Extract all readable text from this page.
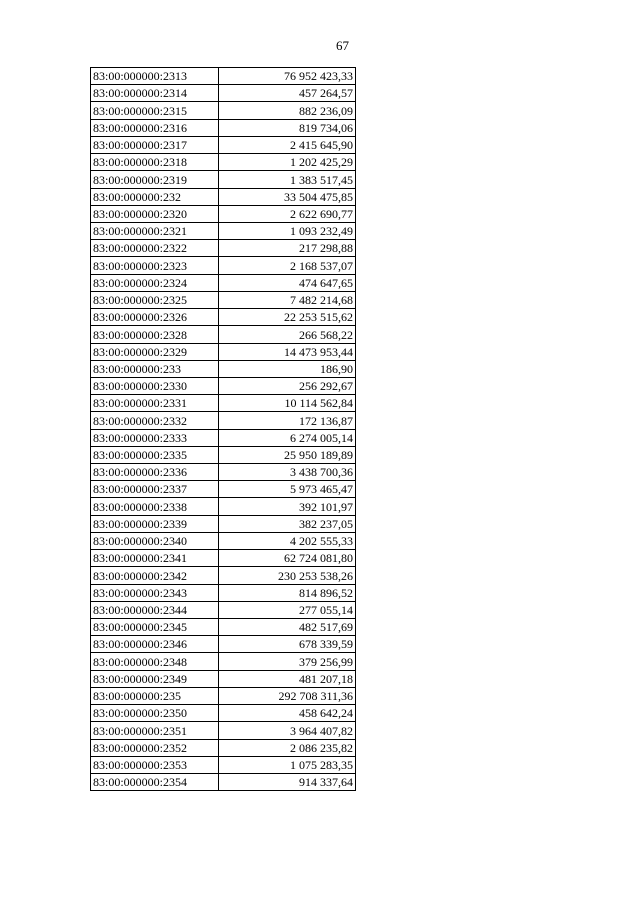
67
83:00:000000:2313	76 952 423,33
83:00:000000:2314	457 264,57
83:00:000000:2315	882 236,09
83:00:000000:2316	819 734,06
83:00:000000:2317	2 415 645,90
83:00:000000:2318	1 202 425,29
83:00:000000:2319	1 383 517,45
83:00:000000:232	33 504 475,85
83:00:000000:2320	2 622 690,77
83:00:000000:2321	1 093 232,49
83:00:000000:2322	217 298,88
83:00:000000:2323	2 168 537,07
83:00:000000:2324	474 647,65
83:00:000000:2325	7 482 214,68
83:00:000000:2326	22 253 515,62
83:00:000000:2328	266 568,22
83:00:000000:2329	14 473 953,44
83:00:000000:233	186,90
83:00:000000:2330	256 292,67
83:00:000000:2331	10 114 562,84
83:00:000000:2332	172 136,87
83:00:000000:2333	6 274 005,14
83:00:000000:2335	25 950 189,89
83:00:000000:2336	3 438 700,36
83:00:000000:2337	5 973 465,47
83:00:000000:2338	392 101,97
83:00:000000:2339	382 237,05
83:00:000000:2340	4 202 555,33
83:00:000000:2341	62 724 081,80
83:00:000000:2342	230 253 538,26
83:00:000000:2343	814 896,52
83:00:000000:2344	277 055,14
83:00:000000:2345	482 517,69
83:00:000000:2346	678 339,59
83:00:000000:2348	379 256,99
83:00:000000:2349	481 207,18
83:00:000000:235	292 708 311,36
83:00:000000:2350	458 642,24
83:00:000000:2351	3 964 407,82
83:00:000000:2352	2 086 235,82
83:00:000000:2353	1 075 283,35
83:00:000000:2354	914 337,64
